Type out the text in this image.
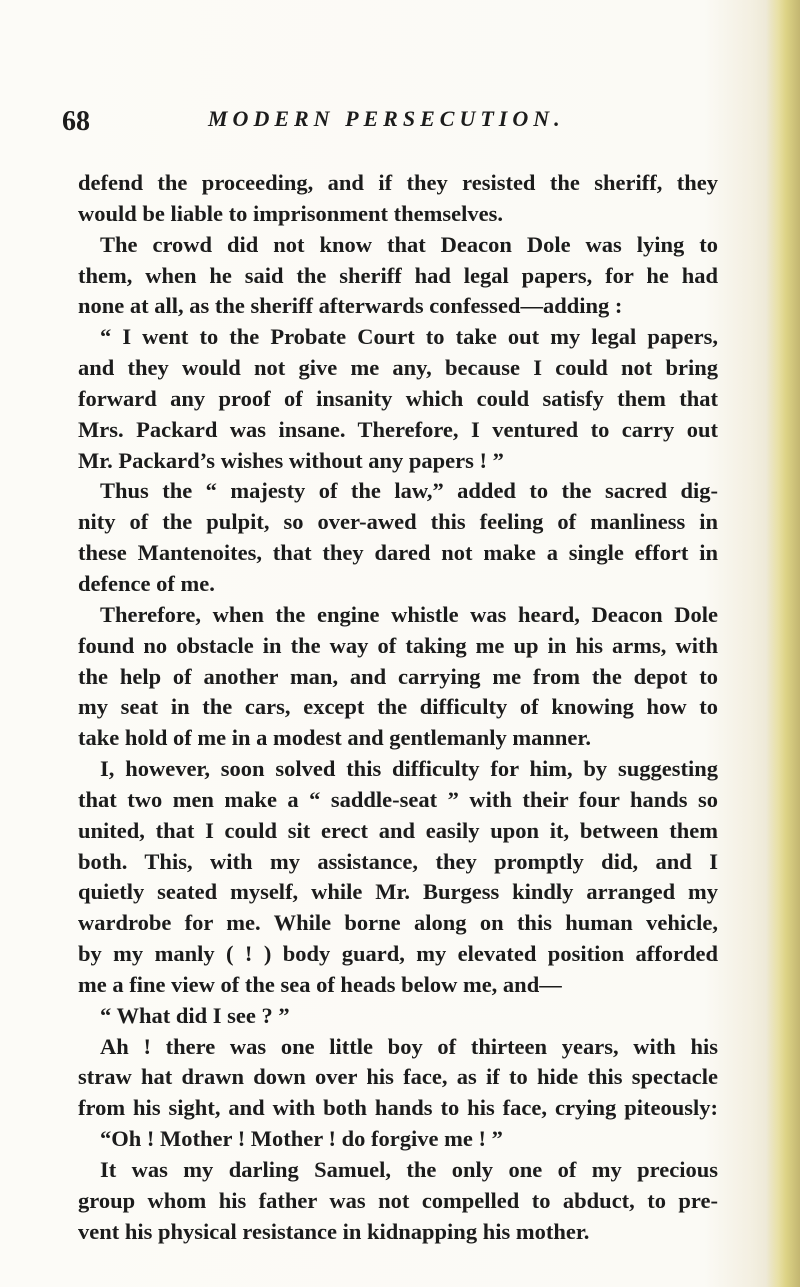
68	MODERN PERSECUTION.
defend the proceeding, and if they resisted the sheriff, they
would be liable to imprisonment themselves.
The crowd did not know that Deacon Dole was lying to
them, when he said the sheriff had legal papers, for he had
none at all, as the sheriff afterwards confessed—adding :
“ I went to the Probate Court to take out my legal papers,
and they would not give me any, because I could not bring
forward any proof of insanity which could satisfy them that
Mrs. Packard was insane. Therefore, I ventured to carry out
Mr. Packard’s wishes without any papers ! ”
Thus the “ majesty of the law,” added to the sacred dig-
nity of the pulpit, so over-awed this feeling of manliness in
these Mantenoites, that they dared not make a single effort in
defence of me.
Therefore, when the engine whistle was heard, Deacon Dole
found no obstacle in the way of taking me up in his arms, with
the help of another man, and carrying me from the depot to
my seat in the cars, except the difficulty of knowing how to
take hold of me in a modest and gentlemanly manner.
I, however, soon solved this difficulty for him, by suggesting
that two men make a “ saddle-seat ” with their four hands so
united, that I could sit erect and easily upon it, between them
both. This, with my assistance, they promptly did, and I
quietly seated myself, while Mr. Burgess kindly arranged my
wardrobe for me. While borne along on this human vehicle,
by my manly ( ! ) body guard, my elevated position afforded
me a fine view of the sea of heads below me, and—
“ What did I see ? ”
Ah ! there was one little boy of thirteen years, with his
straw hat drawn down over his face, as if to hide this spectacle
from his sight, and with both hands to his face, crying piteously:
“Oh ! Mother ! Mother ! do forgive me ! ”
It was my darling Samuel, the only one of my precious
group whom his father was not compelled to abduct, to pre-
vent his physical resistance in kidnapping his mother.
